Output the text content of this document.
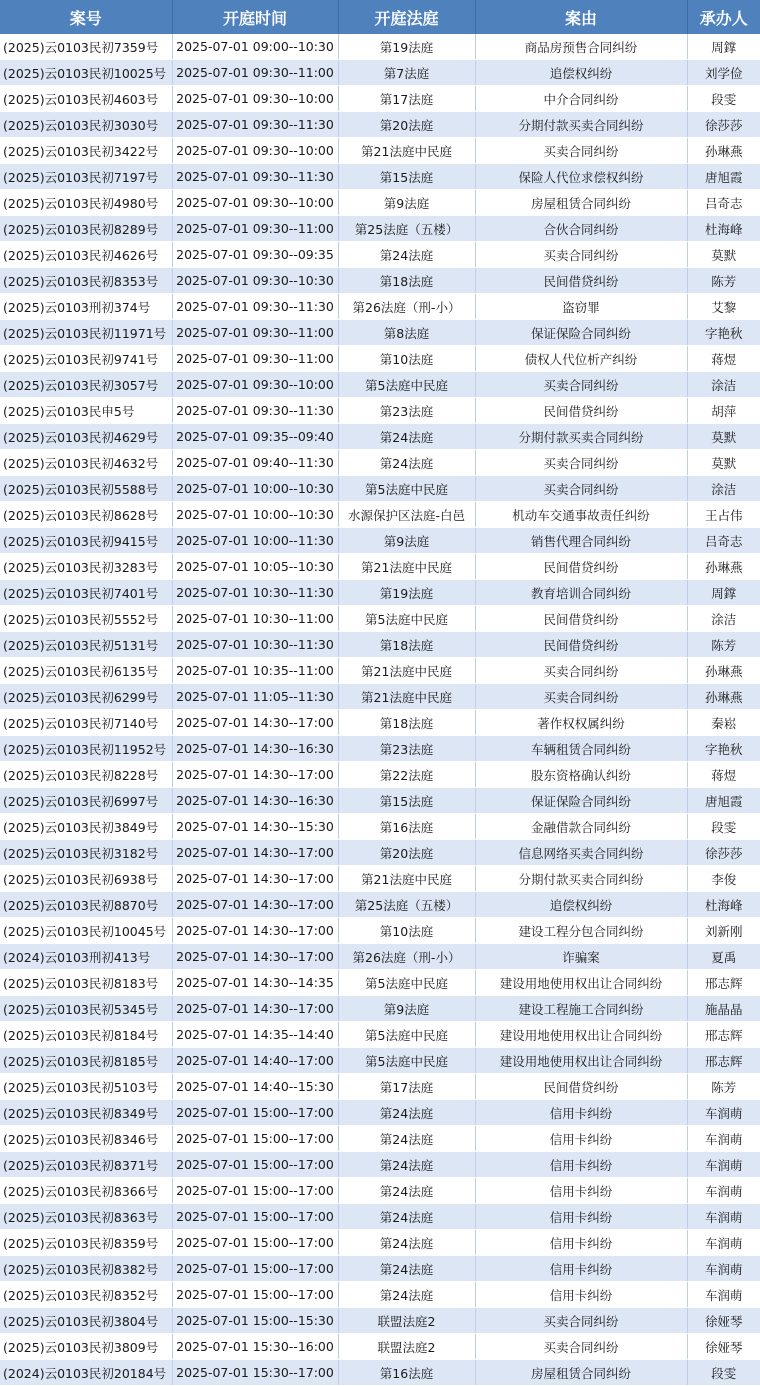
案号	开庭时间	开庭法庭	案由	承办人
(2025)云0103民初7359号	2025-07-01 09:00--10:30	第19法庭	商品房预售合同纠纷	周鐣
(2025)云0103民初10025号	2025-07-01 09:30--11:00	第7法庭	追偿权纠纷	刘学俭
(2025)云0103民初4603号	2025-07-01 09:30--10:00	第17法庭	中介合同纠纷	段雯
(2025)云0103民初3030号	2025-07-01 09:30--11:30	第20法庭	分期付款买卖合同纠纷	徐莎莎
(2025)云0103民初3422号	2025-07-01 09:30--10:00	第21法庭中民庭	买卖合同纠纷	孙琳燕
(2025)云0103民初7197号	2025-07-01 09:30--11:30	第15法庭	保险人代位求偿权纠纷	唐旭霞
(2025)云0103民初4980号	2025-07-01 09:30--10:00	第9法庭	房屋租赁合同纠纷	吕奇志
(2025)云0103民初8289号	2025-07-01 09:30--11:00	第25法庭（五楼）	合伙合同纠纷	杜海峰
(2025)云0103民初4626号	2025-07-01 09:30--09:35	第24法庭	买卖合同纠纷	莫默
(2025)云0103民初8353号	2025-07-01 09:30--10:30	第18法庭	民间借贷纠纷	陈芳
(2025)云0103刑初374号	2025-07-01 09:30--11:30	第26法庭（刑-小）	盗窃罪	艾黎
(2025)云0103民初11971号	2025-07-01 09:30--11:00	第8法庭	保证保险合同纠纷	字艳秋
(2025)云0103民初9741号	2025-07-01 09:30--11:00	第10法庭	债权人代位析产纠纷	蒋煜
(2025)云0103民初3057号	2025-07-01 09:30--10:00	第5法庭中民庭	买卖合同纠纷	涂洁
(2025)云0103民申5号	2025-07-01 09:30--11:30	第23法庭	民间借贷纠纷	胡萍
(2025)云0103民初4629号	2025-07-01 09:35--09:40	第24法庭	分期付款买卖合同纠纷	莫默
(2025)云0103民初4632号	2025-07-01 09:40--11:30	第24法庭	买卖合同纠纷	莫默
(2025)云0103民初5588号	2025-07-01 10:00--10:30	第5法庭中民庭	买卖合同纠纷	涂洁
(2025)云0103民初8628号	2025-07-01 10:00--10:30	水源保护区法庭-白邑	机动车交通事故责任纠纷	王占伟
(2025)云0103民初9415号	2025-07-01 10:00--11:30	第9法庭	销售代理合同纠纷	吕奇志
(2025)云0103民初3283号	2025-07-01 10:05--10:30	第21法庭中民庭	民间借贷纠纷	孙琳燕
(2025)云0103民初7401号	2025-07-01 10:30--11:30	第19法庭	教育培训合同纠纷	周鐣
(2025)云0103民初5552号	2025-07-01 10:30--11:00	第5法庭中民庭	民间借贷纠纷	涂洁
(2025)云0103民初5131号	2025-07-01 10:30--11:30	第18法庭	民间借贷纠纷	陈芳
(2025)云0103民初6135号	2025-07-01 10:35--11:00	第21法庭中民庭	买卖合同纠纷	孙琳燕
(2025)云0103民初6299号	2025-07-01 11:05--11:30	第21法庭中民庭	买卖合同纠纷	孙琳燕
(2025)云0103民初7140号	2025-07-01 14:30--17:00	第18法庭	著作权权属纠纷	秦崧
(2025)云0103民初11952号	2025-07-01 14:30--16:30	第23法庭	车辆租赁合同纠纷	字艳秋
(2025)云0103民初8228号	2025-07-01 14:30--17:00	第22法庭	股东资格确认纠纷	蒋煜
(2025)云0103民初6997号	2025-07-01 14:30--16:30	第15法庭	保证保险合同纠纷	唐旭霞
(2025)云0103民初3849号	2025-07-01 14:30--15:30	第16法庭	金融借款合同纠纷	段雯
(2025)云0103民初3182号	2025-07-01 14:30--17:00	第20法庭	信息网络买卖合同纠纷	徐莎莎
(2025)云0103民初6938号	2025-07-01 14:30--17:00	第21法庭中民庭	分期付款买卖合同纠纷	李俊
(2025)云0103民初8870号	2025-07-01 14:30--17:00	第25法庭（五楼）	追偿权纠纷	杜海峰
(2025)云0103民初10045号	2025-07-01 14:30--17:00	第10法庭	建设工程分包合同纠纷	刘新刚
(2024)云0103刑初413号	2025-07-01 14:30--17:00	第26法庭（刑-小）	诈骗案	夏禹
(2025)云0103民初8183号	2025-07-01 14:30--14:35	第5法庭中民庭	建设用地使用权出让合同纠纷	邢志辉
(2025)云0103民初5345号	2025-07-01 14:30--17:00	第9法庭	建设工程施工合同纠纷	施晶晶
(2025)云0103民初8184号	2025-07-01 14:35--14:40	第5法庭中民庭	建设用地使用权出让合同纠纷	邢志辉
(2025)云0103民初8185号	2025-07-01 14:40--17:00	第5法庭中民庭	建设用地使用权出让合同纠纷	邢志辉
(2025)云0103民初5103号	2025-07-01 14:40--15:30	第17法庭	民间借贷纠纷	陈芳
(2025)云0103民初8349号	2025-07-01 15:00--17:00	第24法庭	信用卡纠纷	车润萌
(2025)云0103民初8346号	2025-07-01 15:00--17:00	第24法庭	信用卡纠纷	车润萌
(2025)云0103民初8371号	2025-07-01 15:00--17:00	第24法庭	信用卡纠纷	车润萌
(2025)云0103民初8366号	2025-07-01 15:00--17:00	第24法庭	信用卡纠纷	车润萌
(2025)云0103民初8363号	2025-07-01 15:00--17:00	第24法庭	信用卡纠纷	车润萌
(2025)云0103民初8359号	2025-07-01 15:00--17:00	第24法庭	信用卡纠纷	车润萌
(2025)云0103民初8382号	2025-07-01 15:00--17:00	第24法庭	信用卡纠纷	车润萌
(2025)云0103民初8352号	2025-07-01 15:00--17:00	第24法庭	信用卡纠纷	车润萌
(2025)云0103民初3804号	2025-07-01 15:00--15:30	联盟法庭2	买卖合同纠纷	徐娅琴
(2025)云0103民初3809号	2025-07-01 15:30--16:00	联盟法庭2	买卖合同纠纷	徐娅琴
(2024)云0103民初20184号	2025-07-01 15:30--17:00	第16法庭	房屋租赁合同纠纷	段雯
